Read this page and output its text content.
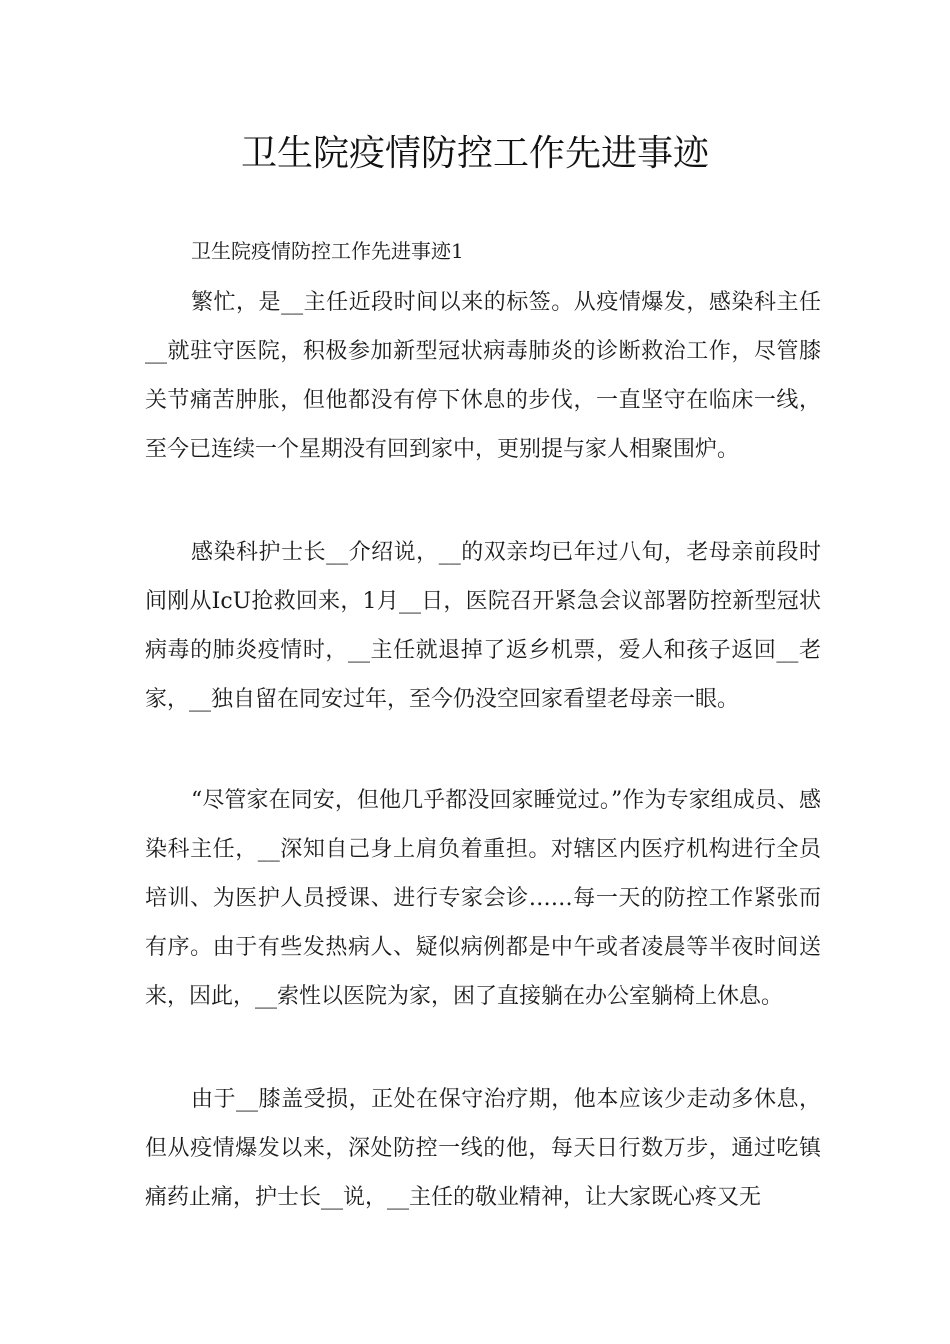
卫生院疫情防控工作先进事迹

卫生院疫情防控工作先进事迹1

繁忙，是__主任近段时间以来的标签。从疫情爆发，感染科主任__就驻守医院，积极参加新型冠状病毒肺炎的诊断救治工作，尽管膝关节痛苦肿胀，但他都没有停下休息的步伐，一直坚守在临床一线，至今已连续一个星期没有回到家中，更别提与家人相聚围炉。

感染科护士长__介绍说，__的双亲均已年过八旬，老母亲前段时间刚从IcU抢救回来，1月__日，医院召开紧急会议部署防控新型冠状病毒的肺炎疫情时，__主任就退掉了返乡机票，爱人和孩子返回__老家，__独自留在同安过年，至今仍没空回家看望老母亲一眼。

“尽管家在同安，但他几乎都没回家睡觉过。”作为专家组成员、感染科主任，__深知自己身上肩负着重担。对辖区内医疗机构进行全员培训、为医护人员授课、进行专家会诊……每一天的防控工作紧张而有序。由于有些发热病人、疑似病例都是中午或者凌晨等半夜时间送来，因此，__索性以医院为家，困了直接躺在办公室躺椅上休息。

由于__膝盖受损，正处在保守治疗期，他本应该少走动多休息，但从疫情爆发以来，深处防控一线的他，每天日行数万步，通过吃镇痛药止痛，护士长__说，__主任的敬业精神，让大家既心疼又无
